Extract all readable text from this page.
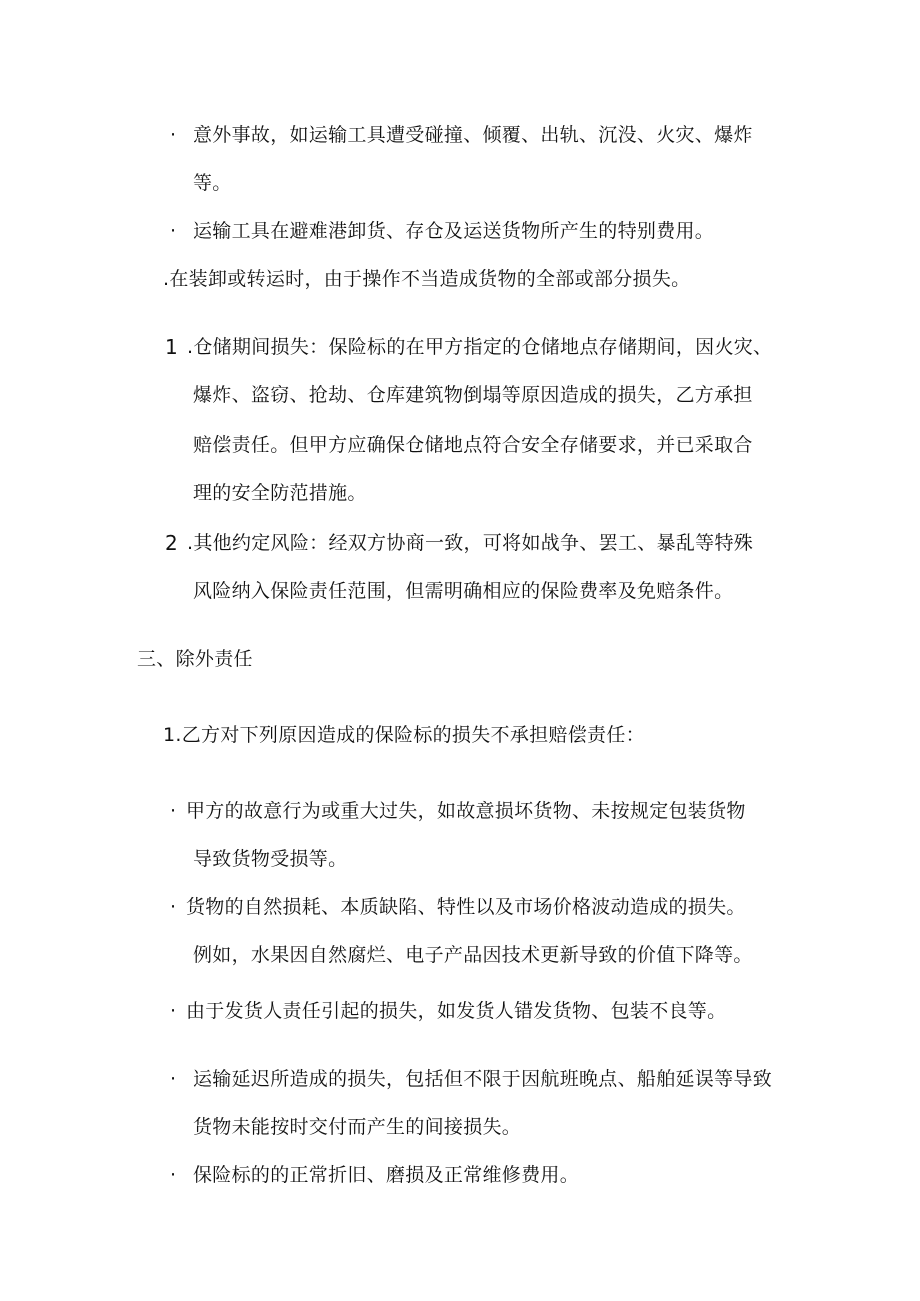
· 意外事故，如运输工具遭受碰撞、倾覆、出轨、沉没、火灾、爆炸
等。
· 运输工具在避难港卸货、存仓及运送货物所产生的特别费用。
.在装卸或转运时，由于操作不当造成货物的全部或部分损失。
1 .仓储期间损失：保险标的在甲方指定的仓储地点存储期间，因火灾、
爆炸、盗窃、抢劫、仓库建筑物倒塌等原因造成的损失，乙方承担
赔偿责任。但甲方应确保仓储地点符合安全存储要求，并已采取合
理的安全防范措施。
2 .其他约定风险：经双方协商一致，可将如战争、罢工、暴乱等特殊
风险纳入保险责任范围，但需明确相应的保险费率及免赔条件。
三、除外责任
1.乙方对下列原因造成的保险标的损失不承担赔偿责任：
· 甲方的故意行为或重大过失，如故意损坏货物、未按规定包装货物
导致货物受损等。
· 货物的自然损耗、本质缺陷、特性以及市场价格波动造成的损失。
例如，水果因自然腐烂、电子产品因技术更新导致的价值下降等。
· 由于发货人责任引起的损失，如发货人错发货物、包装不良等。
· 运输延迟所造成的损失，包括但不限于因航班晚点、船舶延误等导致
货物未能按时交付而产生的间接损失。
· 保险标的的正常折旧、磨损及正常维修费用。
